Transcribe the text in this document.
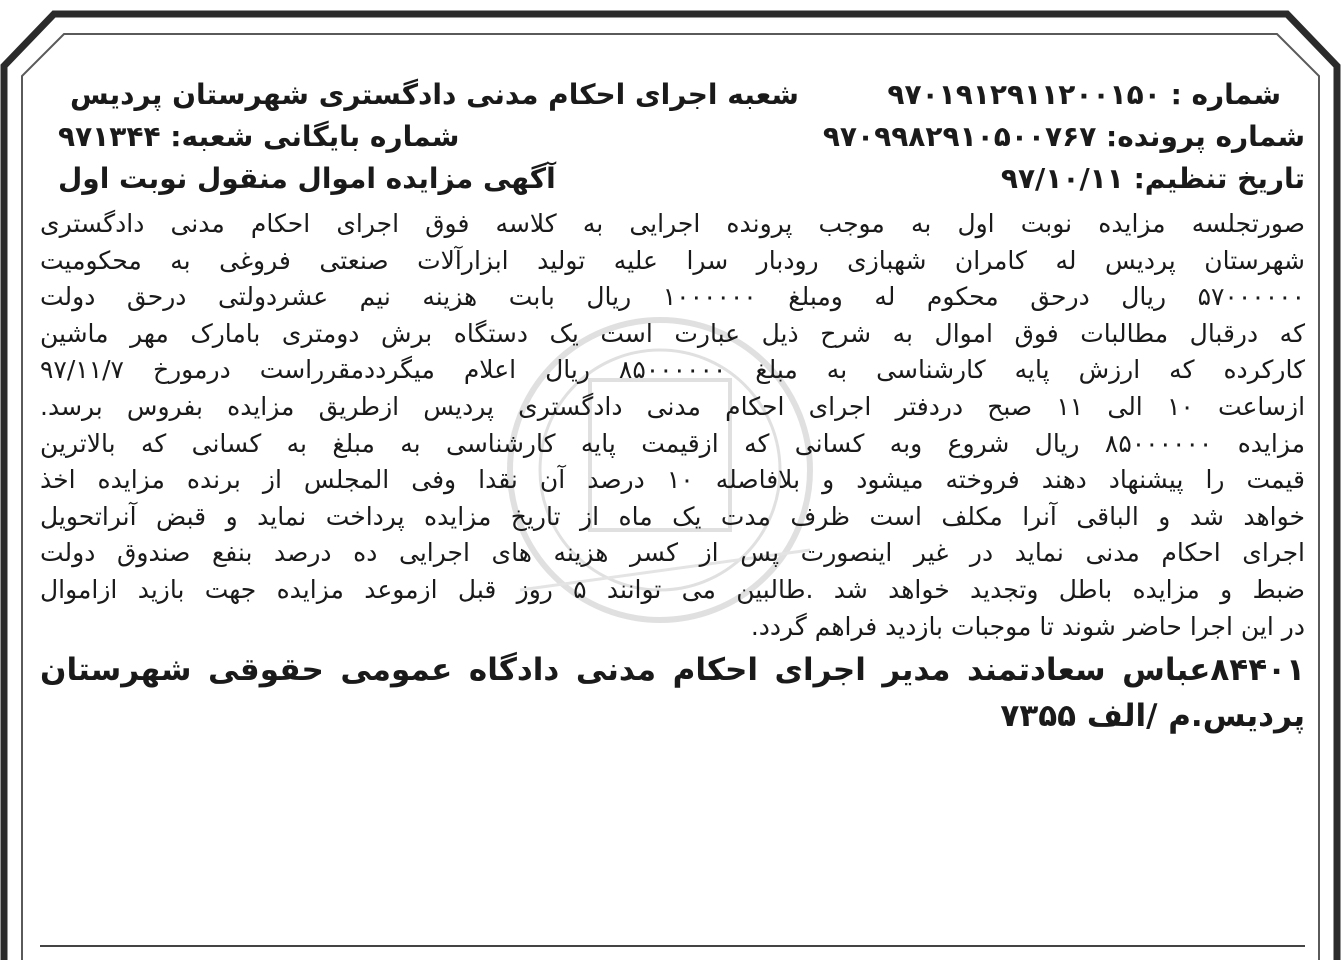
شماره : ۹۷۰۱۹۱۲۹۱۱۲۰۰۱۵۰
شعبه اجرای احکام مدنی دادگستری شهرستان پردیس
شماره پرونده: ۹۷۰۹۹۸۲۹۱۰۵۰۰۷۶۷
شماره بایگانی شعبه: ۹۷۱۳۴۴
تاریخ تنظیم: ۹۷/۱۰/۱۱
آگهی مزایده اموال منقول نوبت اول
صورتجلسه مزایده نوبت اول به موجب پرونده اجرایی به کلاسه فوق اجرای احکام مدنی دادگستری
شهرستان پردیس له کامران شهبازی رودبار سرا علیه تولید ابزارآلات صنعتی فروغی به محکومیت
۵۷۰۰۰۰۰۰ ریال درحق محکوم له ومبلغ ۱۰۰۰۰۰۰ ریال بابت هزینه نیم عشردولتی درحق دولت
که درقبال مطالبات فوق اموال به شرح ذیل عبارت است یک دستگاه برش دومتری بامارک مهر ماشین
کارکرده که ارزش پایه کارشناسی به مبلغ ۸۵۰۰۰۰۰۰ ریال اعلام میگرددمقرراست درمورخ ۹۷/۱۱/۷
ازساعت ۱۰ الی ۱۱ صبح دردفتر اجرای احکام مدنی دادگستری پردیس ازطریق مزایده بفروس برسد.
مزایده ۸۵۰۰۰۰۰۰ ریال شروع وبه کسانی که ازقیمت پایه کارشناسی به مبلغ به کسانی که بالاترین
قیمت را پیشنهاد دهند فروخته میشود و بلافاصله ۱۰ درصد آن نقدا وفی المجلس از برنده مزایده اخذ
خواهد شد و الباقی آنرا مکلف است ظرف مدت یک ماه از تاریخ مزایده پرداخت نماید و قبض آنراتحویل
اجرای احکام مدنی نماید در غیر اینصورت پس از کسر هزینه های اجرایی ده درصد بنفع صندوق دولت
ضبط و مزایده باطل وتجدید خواهد شد .طالبین می توانند ۵ روز قبل ازموعد مزایده جهت بازید ازاموال
در این اجرا حاضر شوند تا موجبات بازدید فراهم گردد.
۸۴۴۰۱عباس سعادتمند مدیر اجرای احکام مدنی دادگاه عمومی حقوقی شهرستان
پردیس.م /الف ۷۳۵۵
